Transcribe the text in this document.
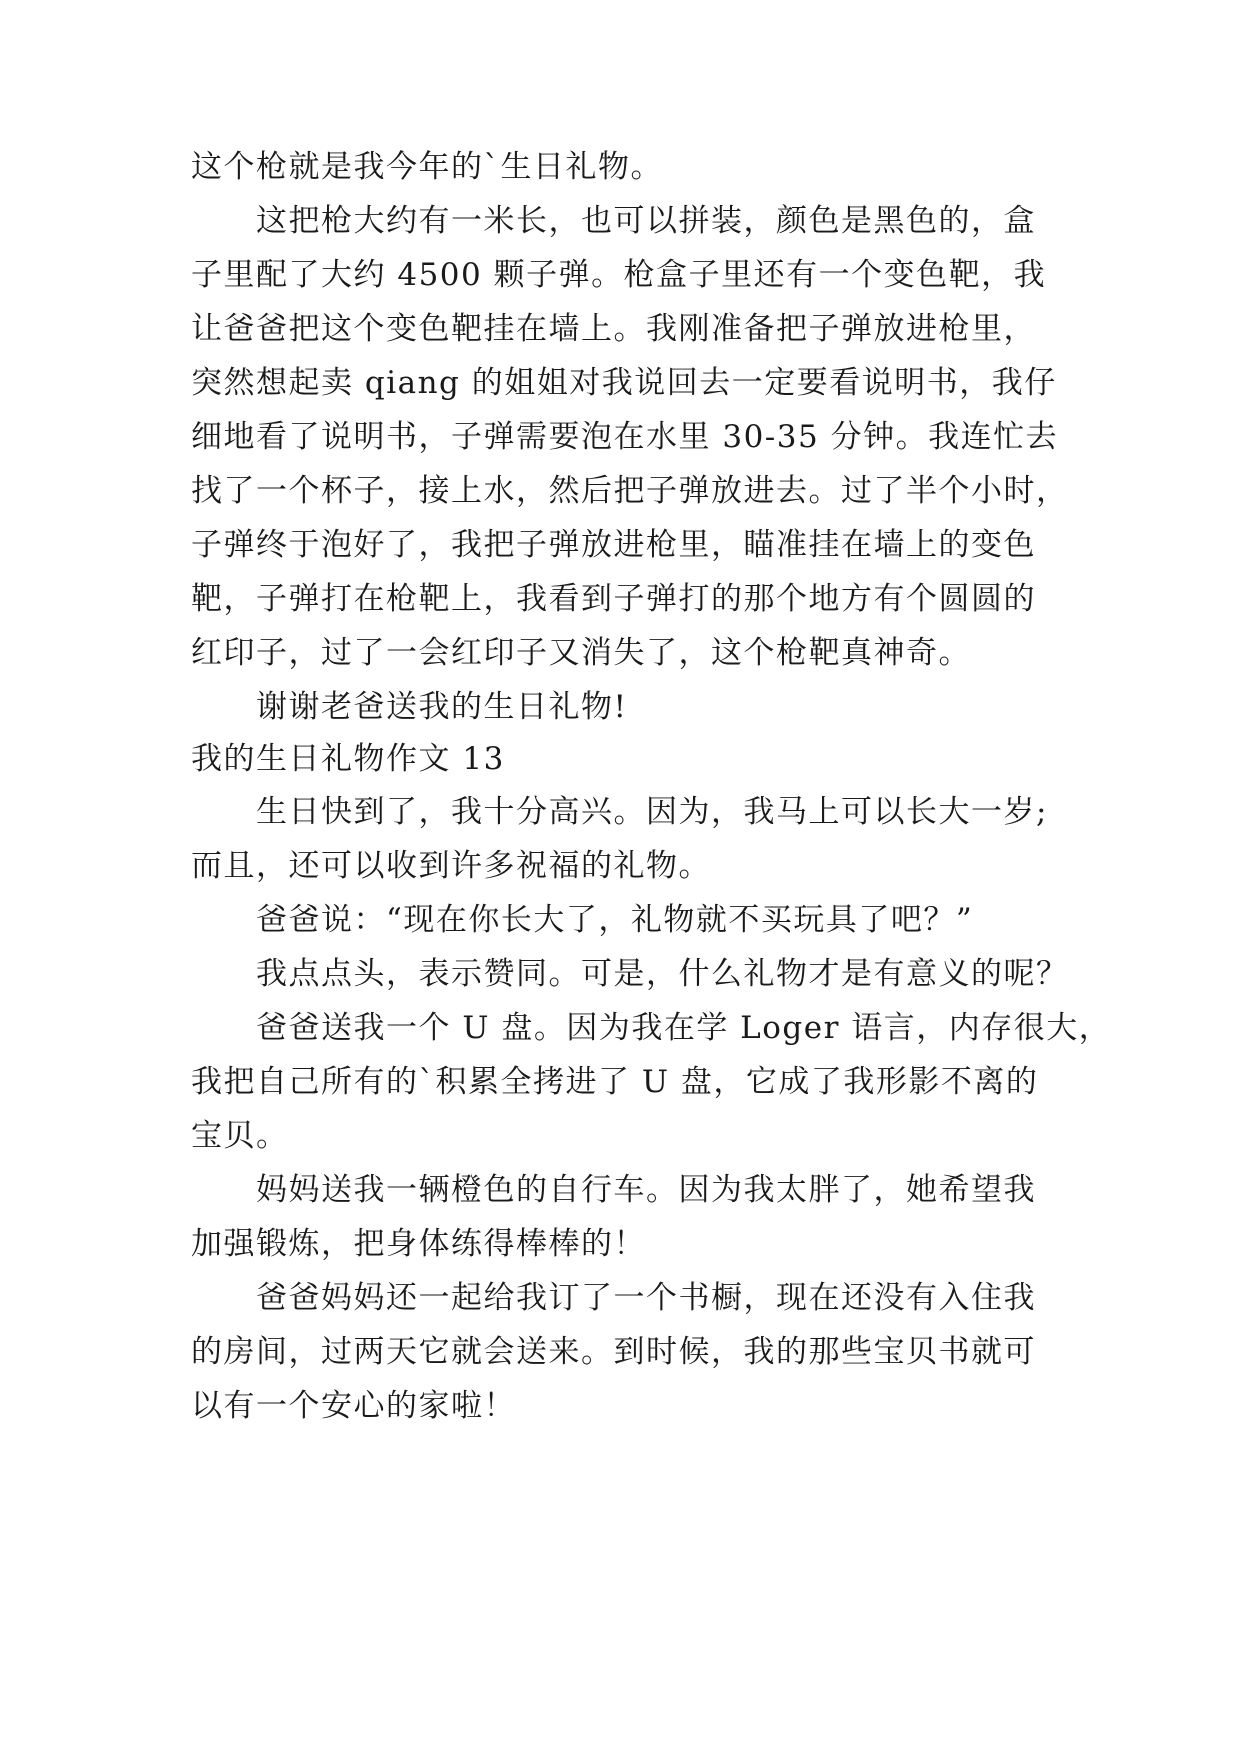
这个枪就是我今年的`生日礼物。

这把枪大约有一米长，也可以拼装，颜色是黑色的，盒

子里配了大约 4500 颗子弹。枪盒子里还有一个变色靶，我

让爸爸把这个变色靶挂在墙上。我刚准备把子弹放进枪里，

突然想起卖 qiang 的姐姐对我说回去一定要看说明书，我仔

细地看了说明书，子弹需要泡在水里 30-35 分钟。我连忙去

找了一个杯子，接上水，然后把子弹放进去。过了半个小时，

子弹终于泡好了，我把子弹放进枪里，瞄准挂在墙上的变色

靶，子弹打在枪靶上，我看到子弹打的那个地方有个圆圆的

红印子，过了一会红印子又消失了，这个枪靶真神奇。

谢谢老爸送我的生日礼物!

我的生日礼物作文 13

生日快到了，我十分高兴。因为，我马上可以长大一岁;

而且，还可以收到许多祝福的礼物。

爸爸说：“现在你长大了，礼物就不买玩具了吧？”

我点点头，表示赞同。可是，什么礼物才是有意义的呢？

爸爸送我一个 U 盘。因为我在学 Loger 语言，内存很大，

我把自己所有的`积累全拷进了 U 盘，它成了我形影不离的

宝贝。

妈妈送我一辆橙色的自行车。因为我太胖了，她希望我

加强锻炼，把身体练得棒棒的！

爸爸妈妈还一起给我订了一个书橱，现在还没有入住我

的房间，过两天它就会送来。到时候，我的那些宝贝书就可

以有一个安心的家啦！
